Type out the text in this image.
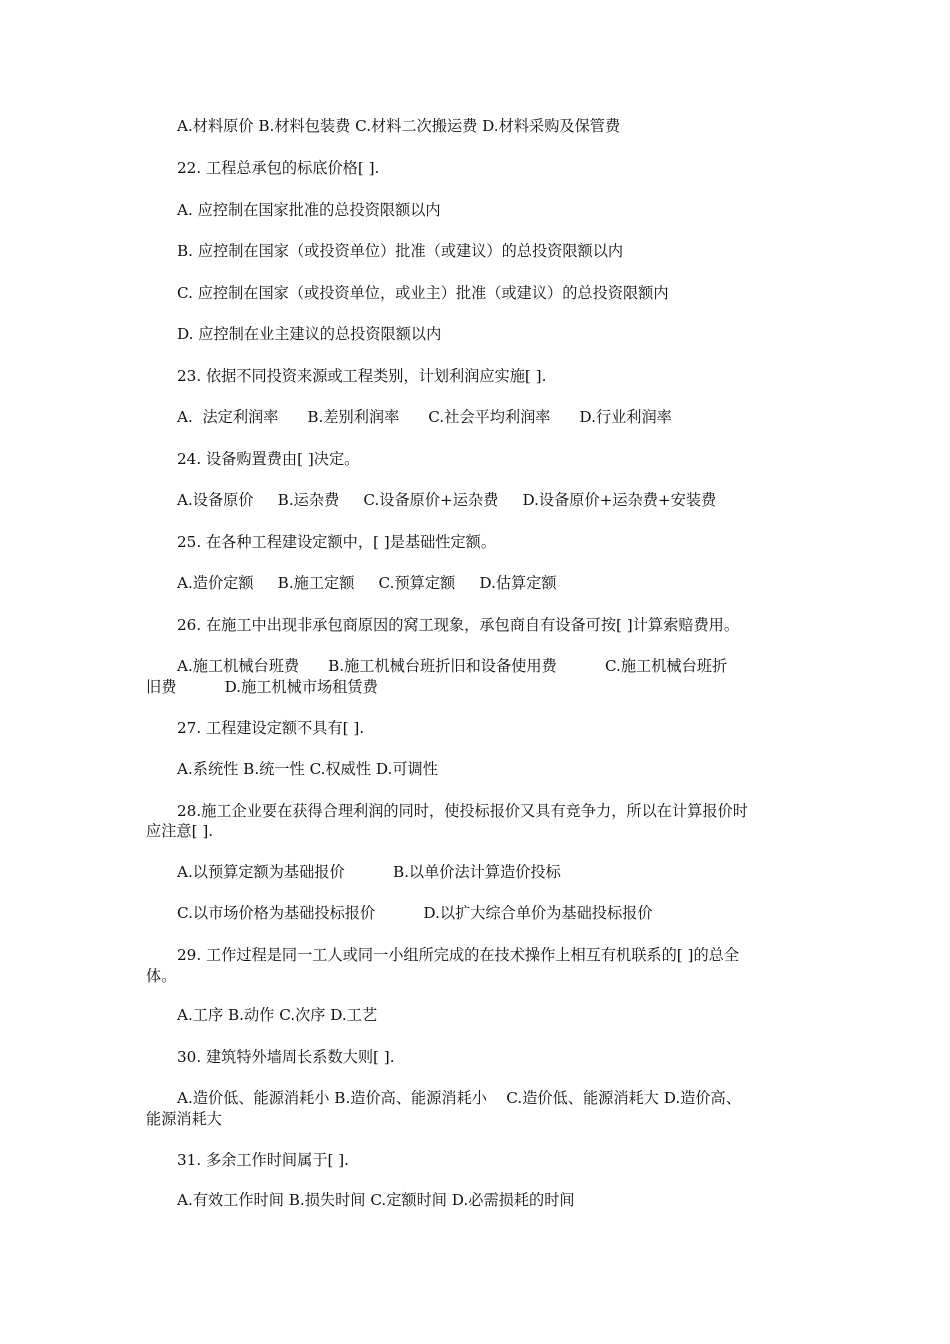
A.材料原价 B.材料包装费 C.材料二次搬运费 D.材料采购及保管费
22. 工程总承包的标底价格[ ].
A. 应控制在国家批准的总投资限额以内
B. 应控制在国家（或投资单位）批准（或建议）的总投资限额以内
C. 应控制在国家（或投资单位，或业主）批准（或建议）的总投资限额内
D. 应控制在业主建议的总投资限额以内
23. 依据不同投资来源或工程类别，计划利润应实施[ ].
A.  法定利润率      B.差别利润率      C.社会平均利润率      D.行业利润率
24. 设备购置费由[ ]决定。
A.设备原价     B.运杂费     C.设备原价+运杂费     D.设备原价+运杂费+安装费
25. 在各种工程建设定额中，[ ]是基础性定额。
A.造价定额     B.施工定额     C.预算定额     D.估算定额
26. 在施工中出现非承包商原因的窝工现象，承包商自有设备可按[ ]计算索赔费用。
A.施工机械台班费      B.施工机械台班折旧和设备使用费          C.施工机械台班折
旧费          D.施工机械市场租赁费
27. 工程建设定额不具有[ ].
A.系统性 B.统一性 C.权威性 D.可调性
28.施工企业要在获得合理利润的同时，使投标报价又具有竞争力，所以在计算报价时
应注意[ ].
A.以预算定额为基础报价          B.以单价法计算造价投标
C.以市场价格为基础投标报价          D.以扩大综合单价为基础投标报价
29. 工作过程是同一工人或同一小组所完成的在技术操作上相互有机联系的[ ]的总全
体。
A.工序 B.动作 C.次序 D.工艺
30. 建筑特外墙周长系数大则[ ].
A.造价低、能源消耗小 B.造价高、能源消耗小    C.造价低、能源消耗大 D.造价高、
能源消耗大
31. 多余工作时间属于[ ].
A.有效工作时间 B.损失时间 C.定额时间 D.必需损耗的时间
